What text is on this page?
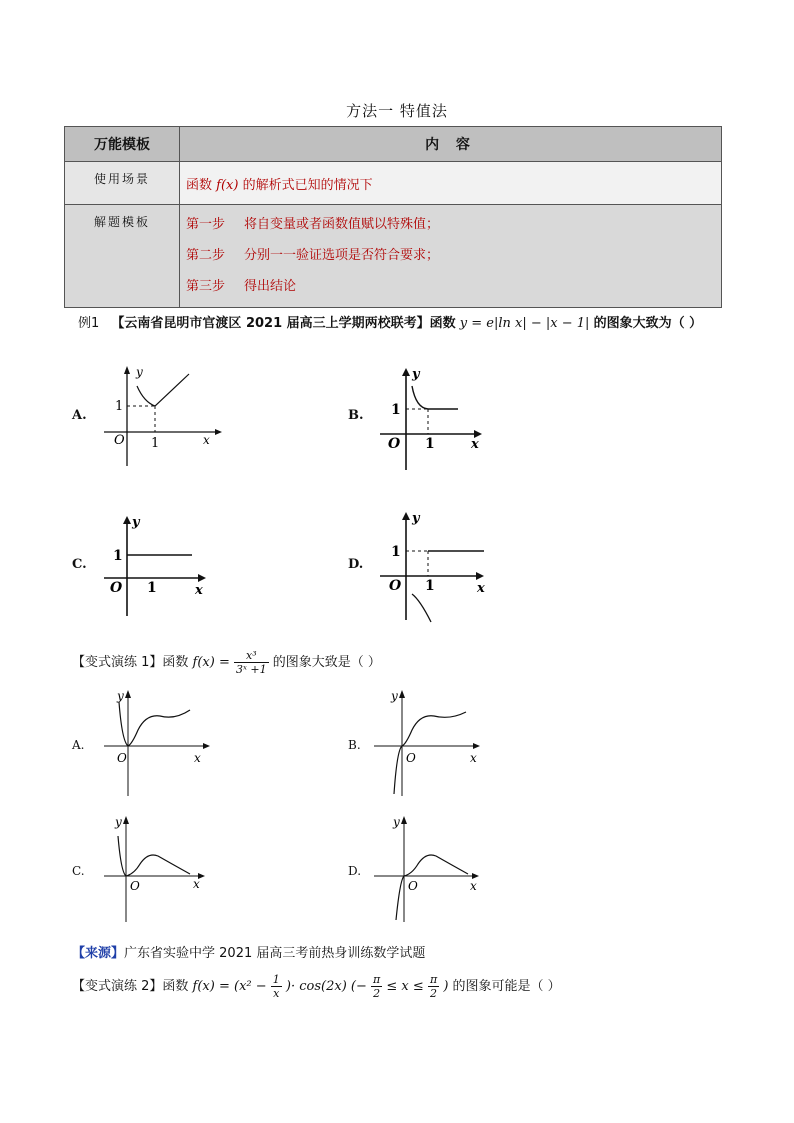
方法一 特值法
万能模板	内 容
使用场景	函数 f(x) 的解析式已知的情况下
解题模板	第一步 将自变量或者函数值赋以特殊值；
第二步 分别一一验证选项是否符合要求；
第三步 得出结论
例1 【云南省昆明市官渡区 2021 届高三上学期两校联考】函数 y = e|ln x| − |x − 1| 的图象大致为（ ）
A.
1
1
O	x
y
B. 1
1
O	x
y
C.
1
1
O	x
y
D.
1
1
O	x
y
【变式演练 1】函数 $f(x) = \frac{\text{x³}}{\text{3ˣ +1}}$ 的图象大致是（ ）
A.
O	x
y
B.
O	x
y
C.
O	x
y
D.
O	x
y
【来源】广东省实验中学 2021 届高三考前热身训练数学试题
【变式演练 2】函数 $f(x) = (x^2 - \frac{1}{x}$ )· cos(2x) (− $\frac{\pi}{2} \le x \le \frac{\pi}{2}$ ) 的图象可能是（ ）
